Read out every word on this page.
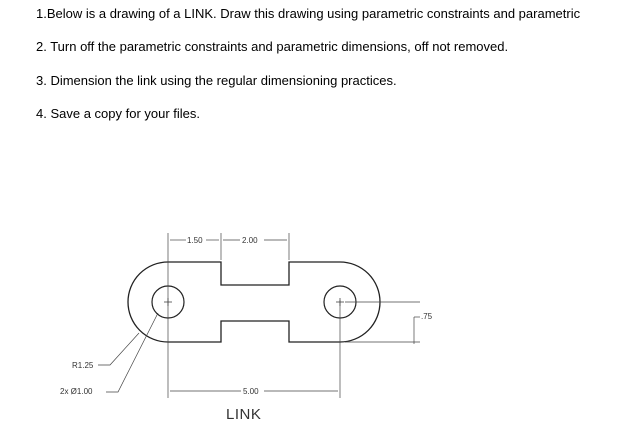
1.Below is a drawing of a LINK. Draw this drawing using parametric constraints and parametric
2. Turn off the parametric constraints and parametric dimensions, off not removed.
3. Dimension the link using the regular dimensioning practices.
4. Save a copy for your files.
1.50	2.00
.75
R1.25
2x Ø1.00	5.00
LINK
